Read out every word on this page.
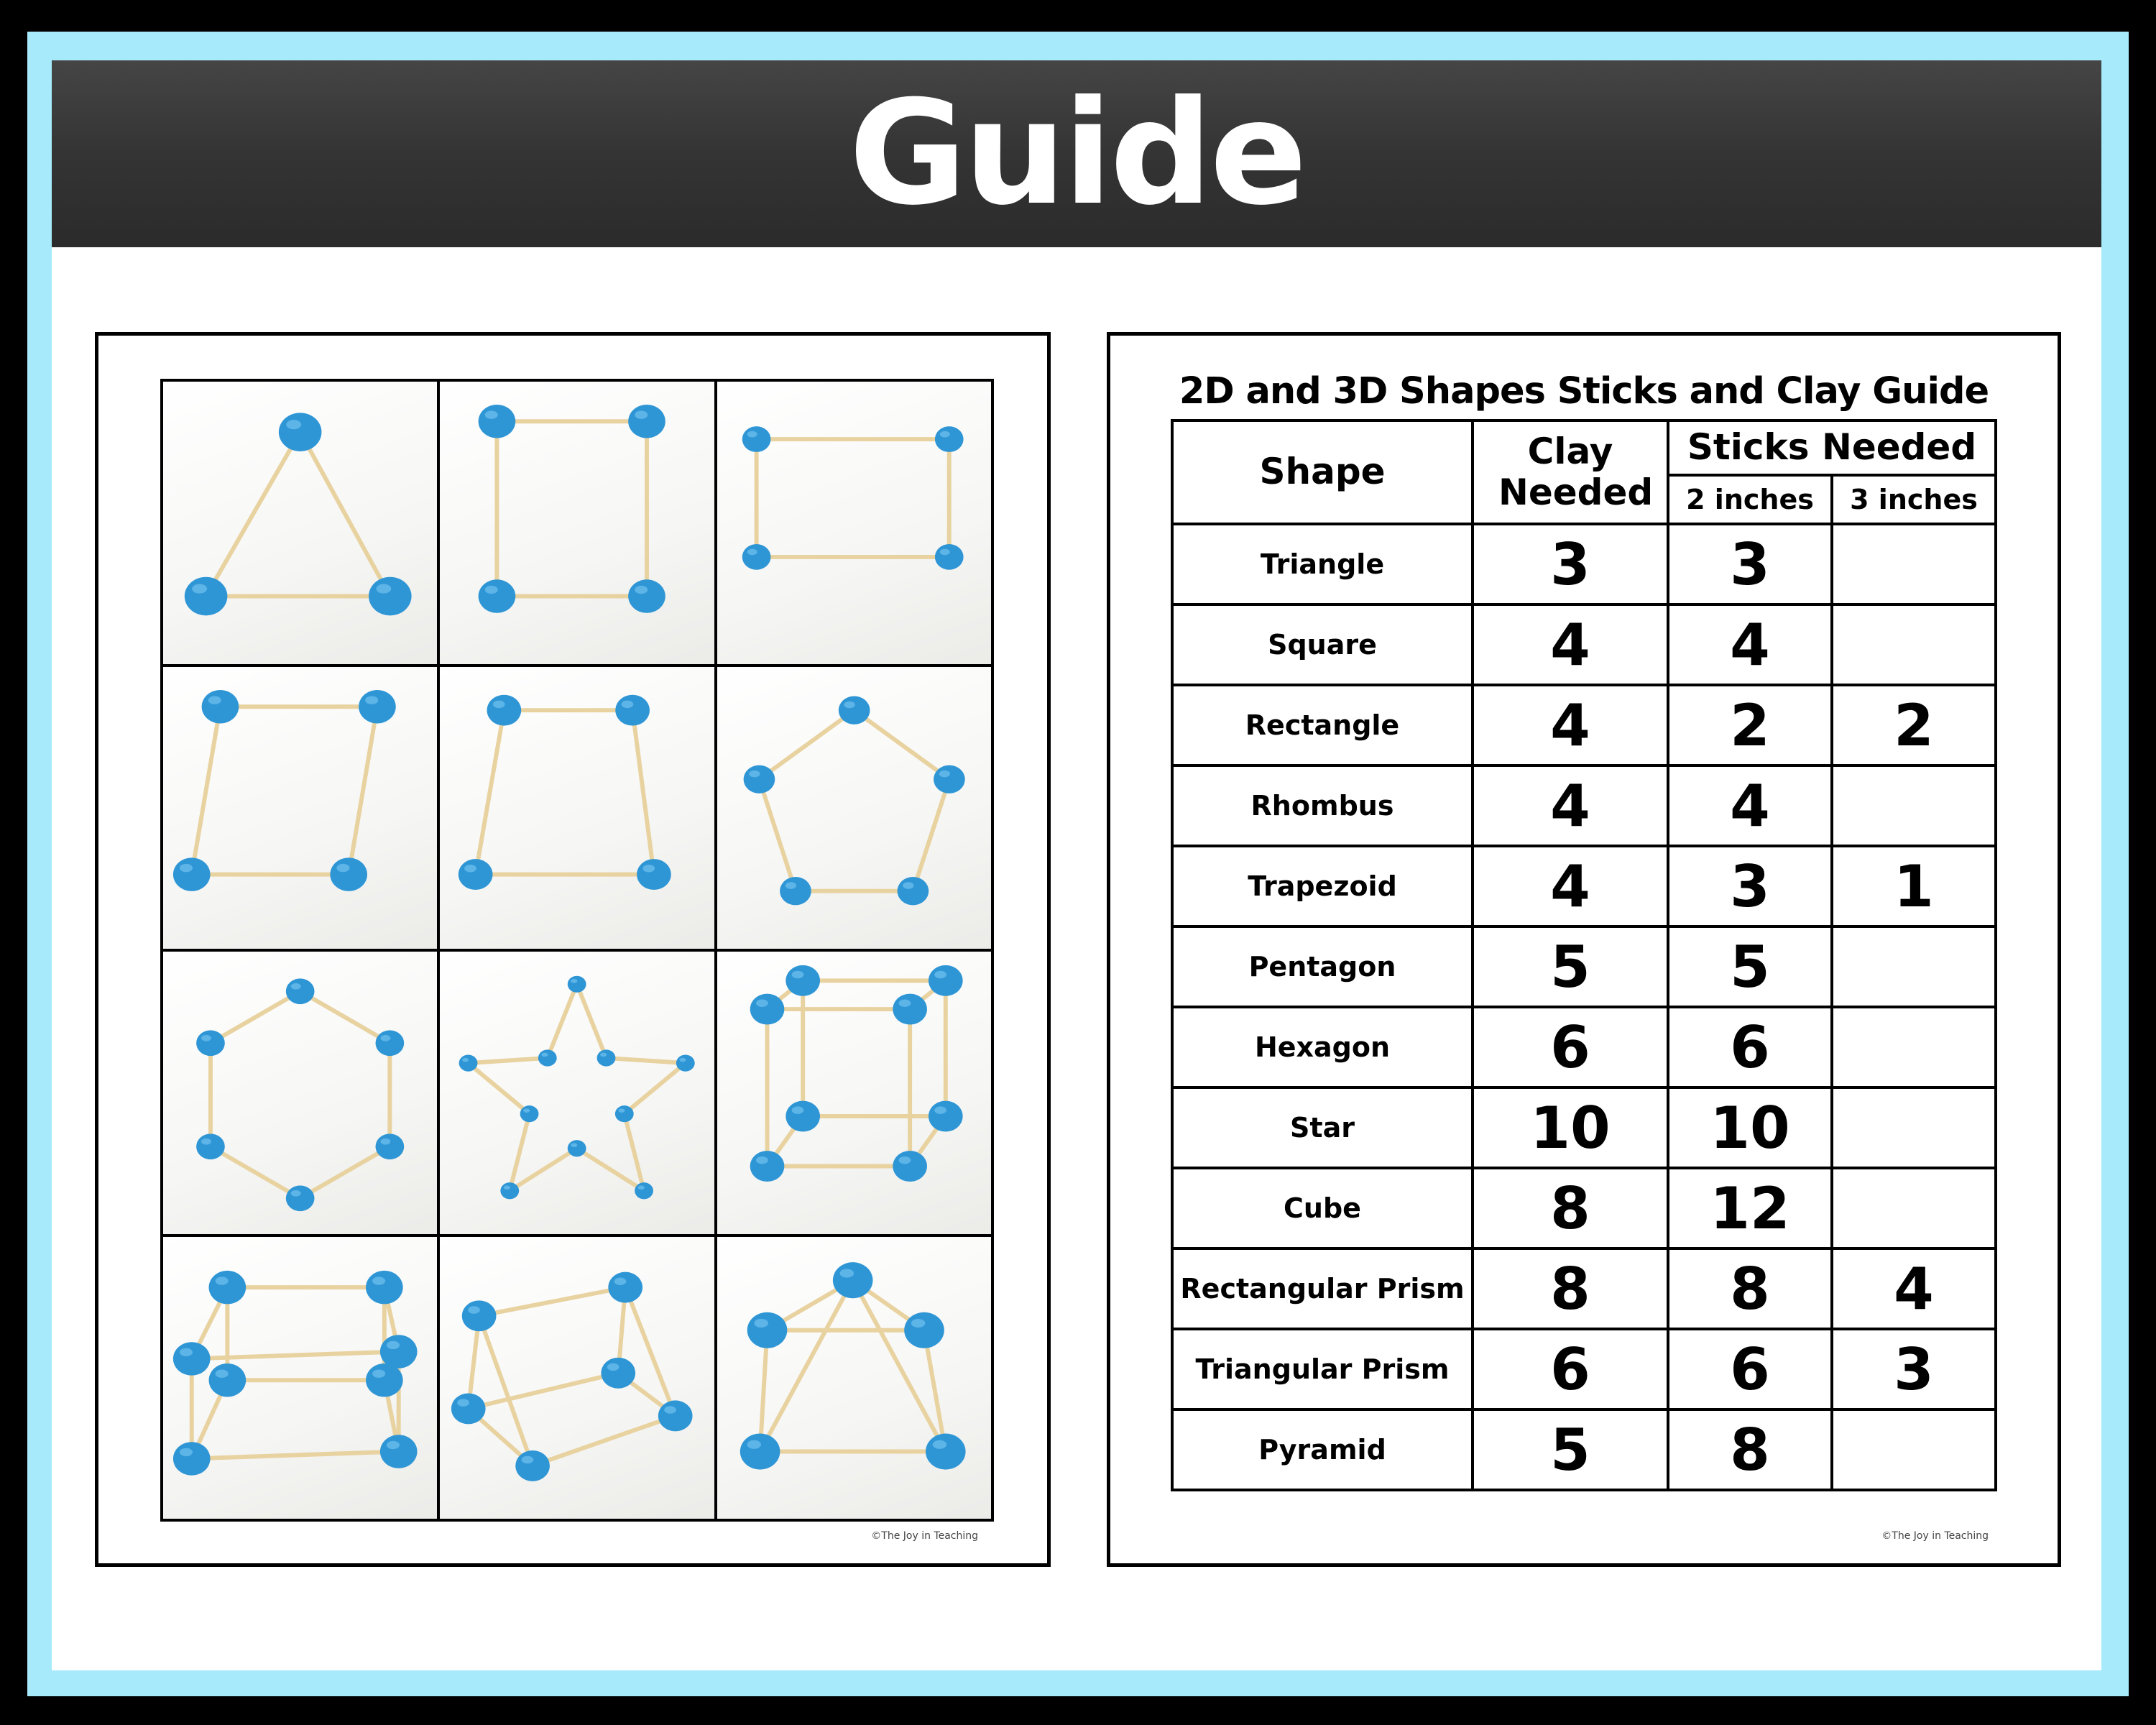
Guide
©The Joy in Teaching
2D and 3D Shapes Sticks and Clay Guide
Shape	Clay Needed	Sticks Needed	
		2 inches	3 inches
Triangle	3	3	
Square	4	4	
Rectangle	4	2	2
Rhombus	4	4	
Trapezoid	4	3	1
Pentagon	5	5	
Hexagon	6	6	
Star	10	10	
Cube	8	12	
Rectangular Prism	8	8	4
Triangular Prism	6	6	3
Pyramid	5	8	
©The Joy in Teaching
